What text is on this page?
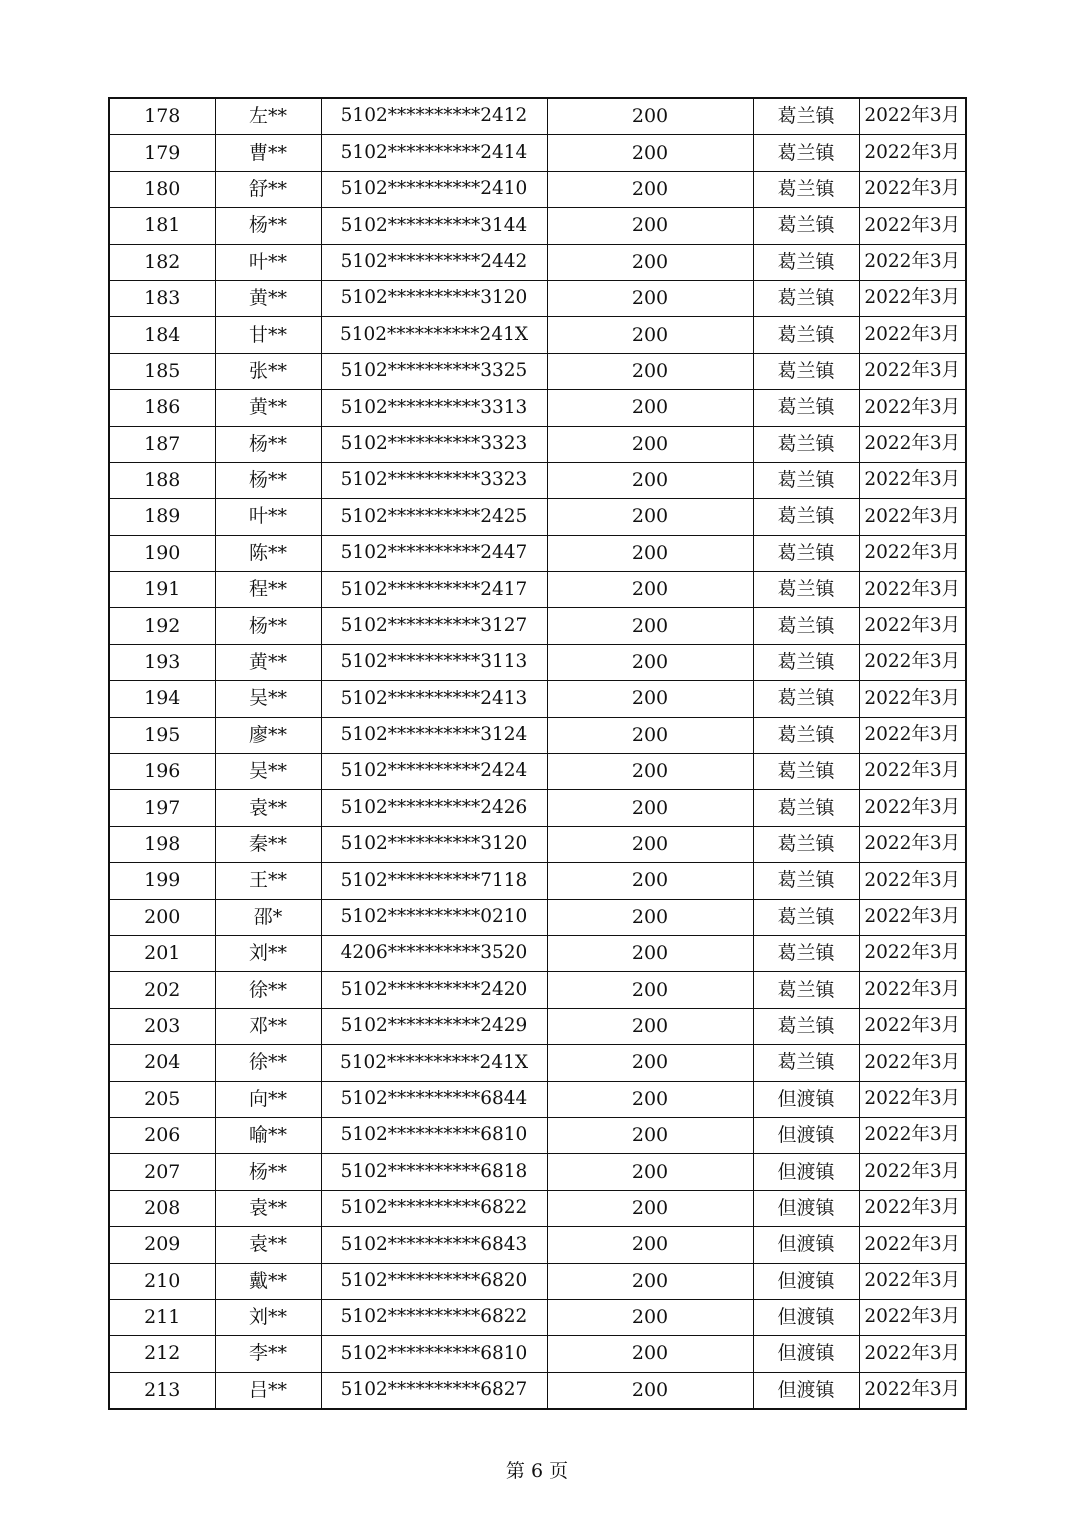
178	左**	5102**********2412	200	葛兰镇	2022年3月
179	曹**	5102**********2414	200	葛兰镇	2022年3月
180	舒**	5102**********2410	200	葛兰镇	2022年3月
181	杨**	5102**********3144	200	葛兰镇	2022年3月
182	叶**	5102**********2442	200	葛兰镇	2022年3月
183	黄**	5102**********3120	200	葛兰镇	2022年3月
184	甘**	5102**********241X	200	葛兰镇	2022年3月
185	张**	5102**********3325	200	葛兰镇	2022年3月
186	黄**	5102**********3313	200	葛兰镇	2022年3月
187	杨**	5102**********3323	200	葛兰镇	2022年3月
188	杨**	5102**********3323	200	葛兰镇	2022年3月
189	叶**	5102**********2425	200	葛兰镇	2022年3月
190	陈**	5102**********2447	200	葛兰镇	2022年3月
191	程**	5102**********2417	200	葛兰镇	2022年3月
192	杨**	5102**********3127	200	葛兰镇	2022年3月
193	黄**	5102**********3113	200	葛兰镇	2022年3月
194	吴**	5102**********2413	200	葛兰镇	2022年3月
195	廖**	5102**********3124	200	葛兰镇	2022年3月
196	吴**	5102**********2424	200	葛兰镇	2022年3月
197	袁**	5102**********2426	200	葛兰镇	2022年3月
198	秦**	5102**********3120	200	葛兰镇	2022年3月
199	王**	5102**********7118	200	葛兰镇	2022年3月
200	邵*	5102**********0210	200	葛兰镇	2022年3月
201	刘**	4206**********3520	200	葛兰镇	2022年3月
202	徐**	5102**********2420	200	葛兰镇	2022年3月
203	邓**	5102**********2429	200	葛兰镇	2022年3月
204	徐**	5102**********241X	200	葛兰镇	2022年3月
205	向**	5102**********6844	200	但渡镇	2022年3月
206	喻**	5102**********6810	200	但渡镇	2022年3月
207	杨**	5102**********6818	200	但渡镇	2022年3月
208	袁**	5102**********6822	200	但渡镇	2022年3月
209	袁**	5102**********6843	200	但渡镇	2022年3月
210	戴**	5102**********6820	200	但渡镇	2022年3月
211	刘**	5102**********6822	200	但渡镇	2022年3月
212	李**	5102**********6810	200	但渡镇	2022年3月
213	吕**	5102**********6827	200	但渡镇	2022年3月
第 6 页
